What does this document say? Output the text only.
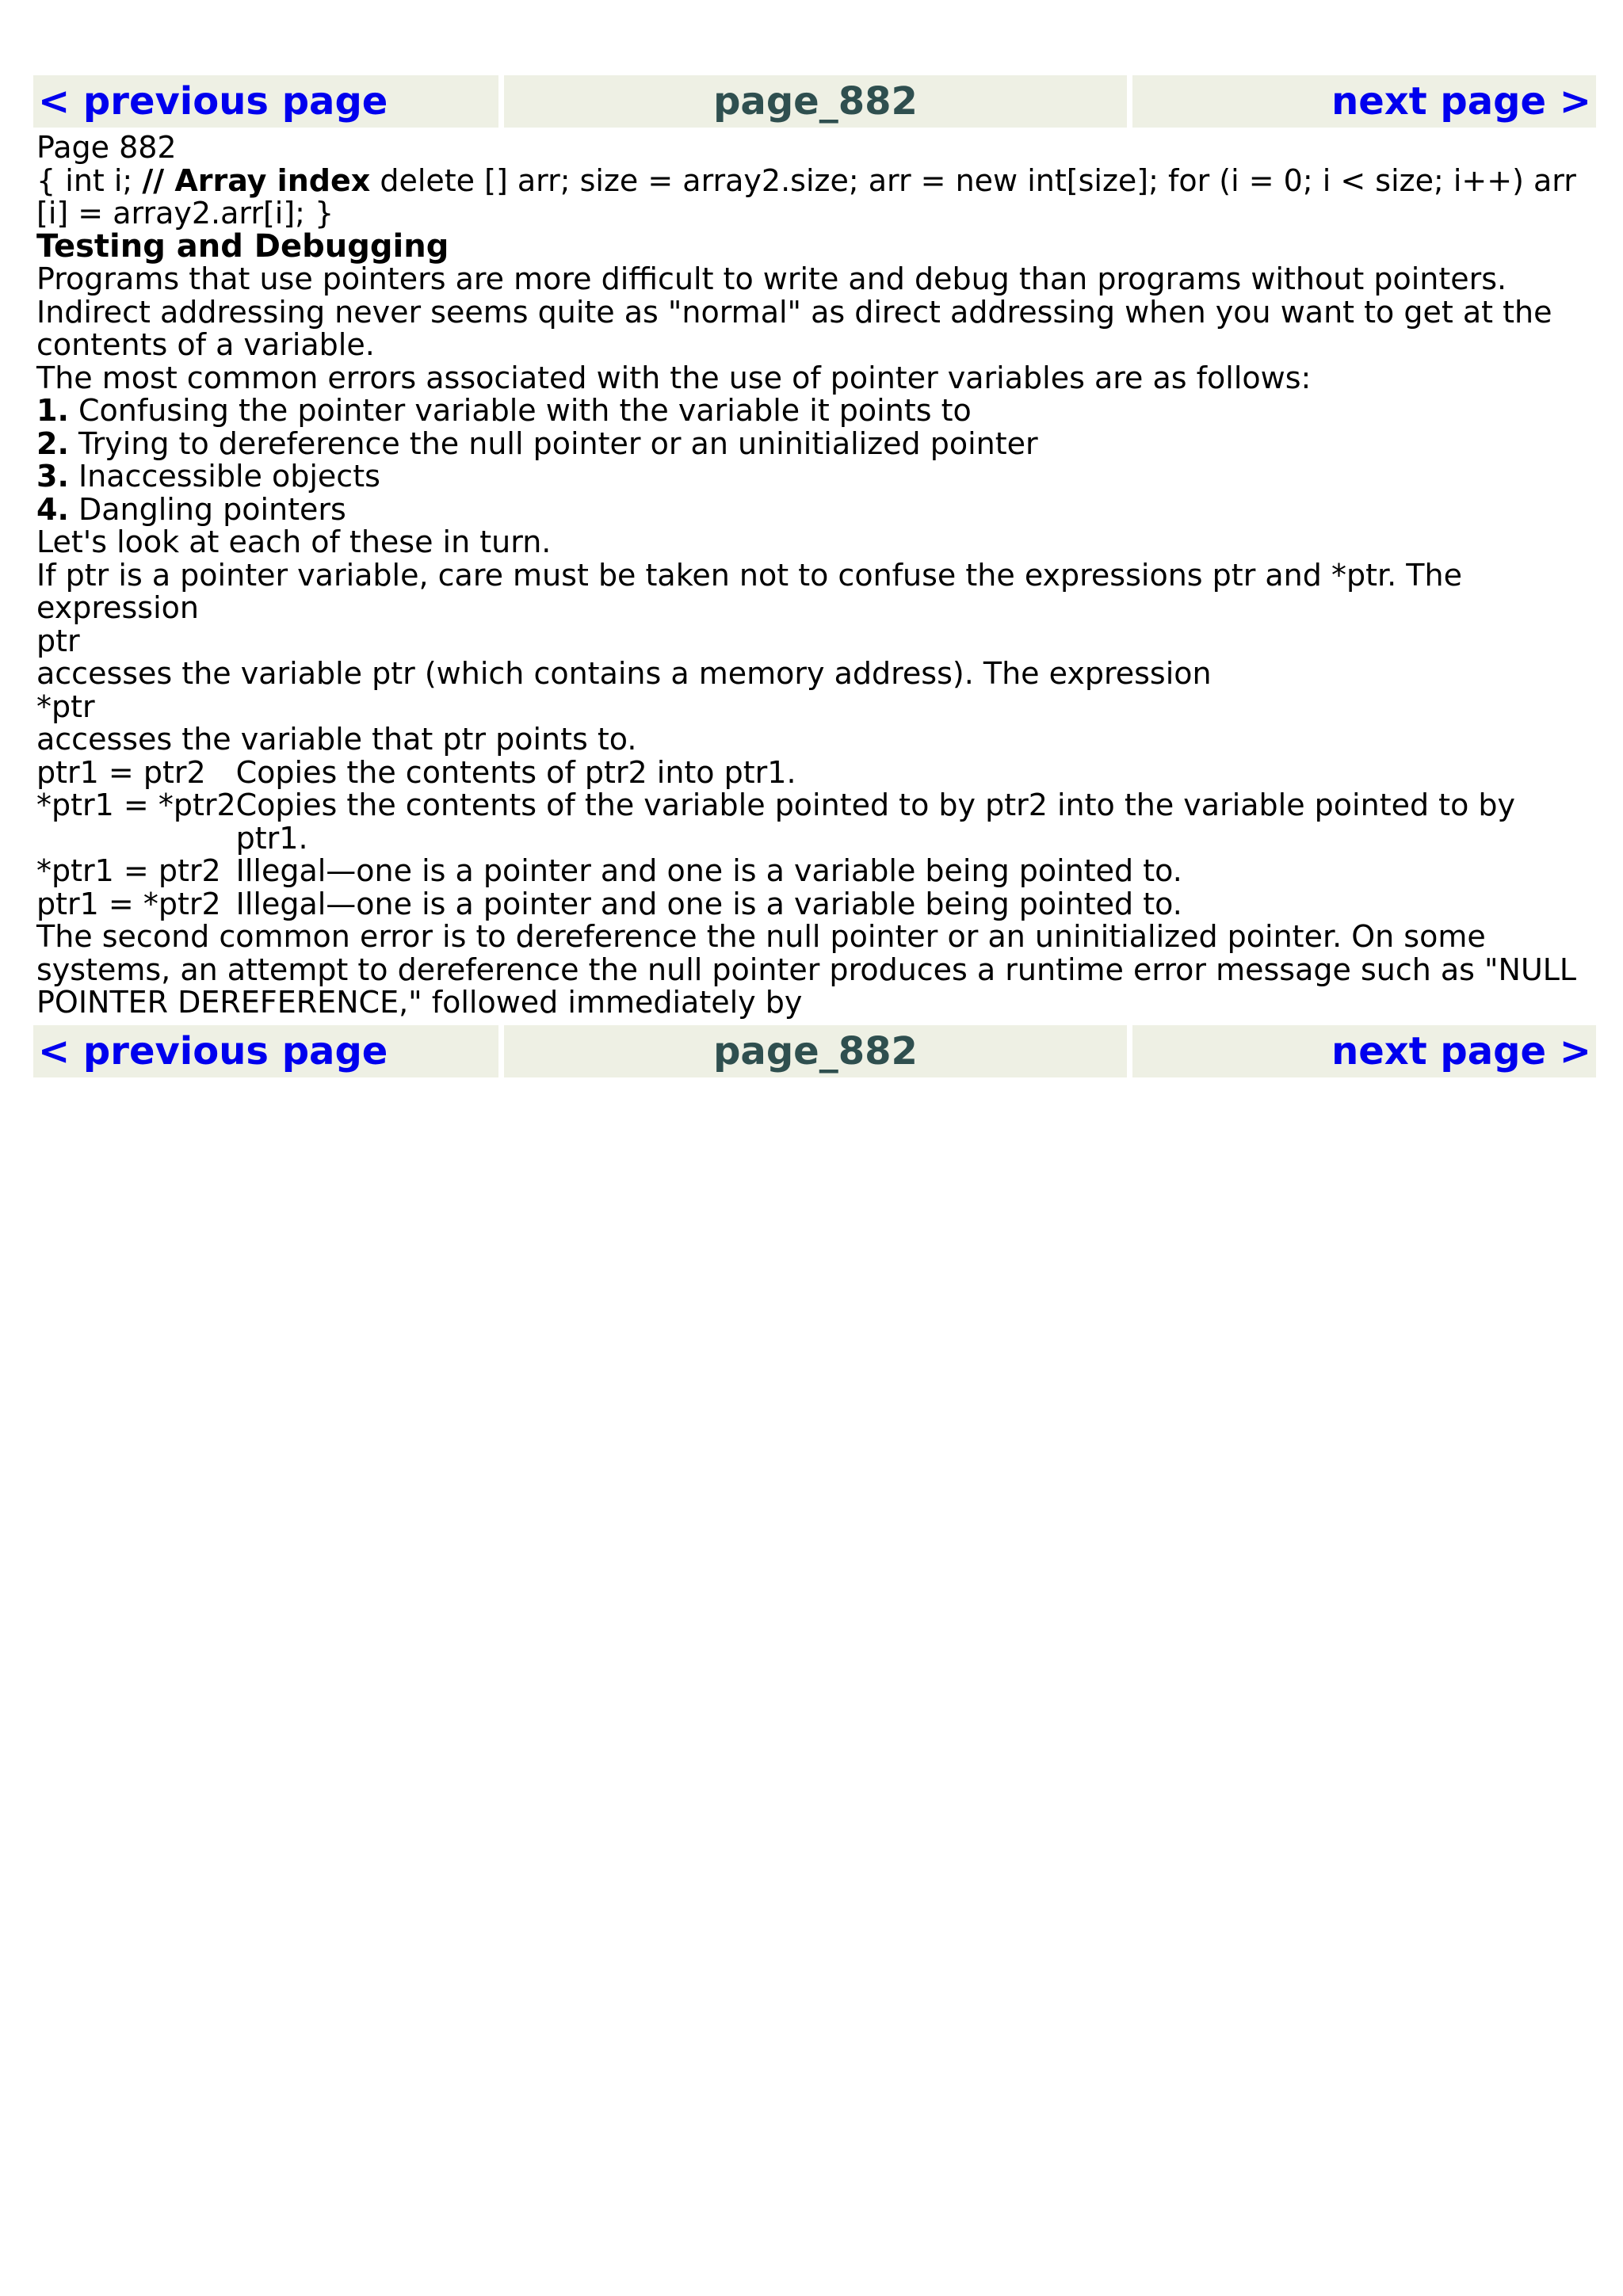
< previous page	page_882	next page >

Page 882

{ int i; // Array index delete [] arr; size = array2.size; arr = new int[size]; for (i = 0; i < size; i++) arr [i] = array2.arr[i]; }

Testing and Debugging

Programs that use pointers are more difficult to write and debug than programs without pointers. Indirect addressing never seems quite as "normal" as direct addressing when you want to get at the contents of a variable.

The most common errors associated with the use of pointer variables are as follows:

1. Confusing the pointer variable with the variable it points to

2. Trying to dereference the null pointer or an uninitialized pointer

3. Inaccessible objects

4. Dangling pointers

Let's look at each of these in turn.

If ptr is a pointer variable, care must be taken not to confuse the expressions ptr and *ptr. The expression

ptr

accesses the variable ptr (which contains a memory address). The expression

*ptr

accesses the variable that ptr points to.

ptr1 = ptr2	Copies the contents of ptr2 into ptr1.
*ptr1 = *ptr2	Copies the contents of the variable pointed to by ptr2 into the variable pointed to by ptr1.
*ptr1 = ptr2	Illegal—one is a pointer and one is a variable being pointed to.
ptr1 = *ptr2	Illegal—one is a pointer and one is a variable being pointed to.

The second common error is to dereference the null pointer or an uninitialized pointer. On some systems, an attempt to dereference the null pointer produces a runtime error message such as "NULL POINTER DEREFERENCE," followed immediately by

< previous page	page_882	next page >
